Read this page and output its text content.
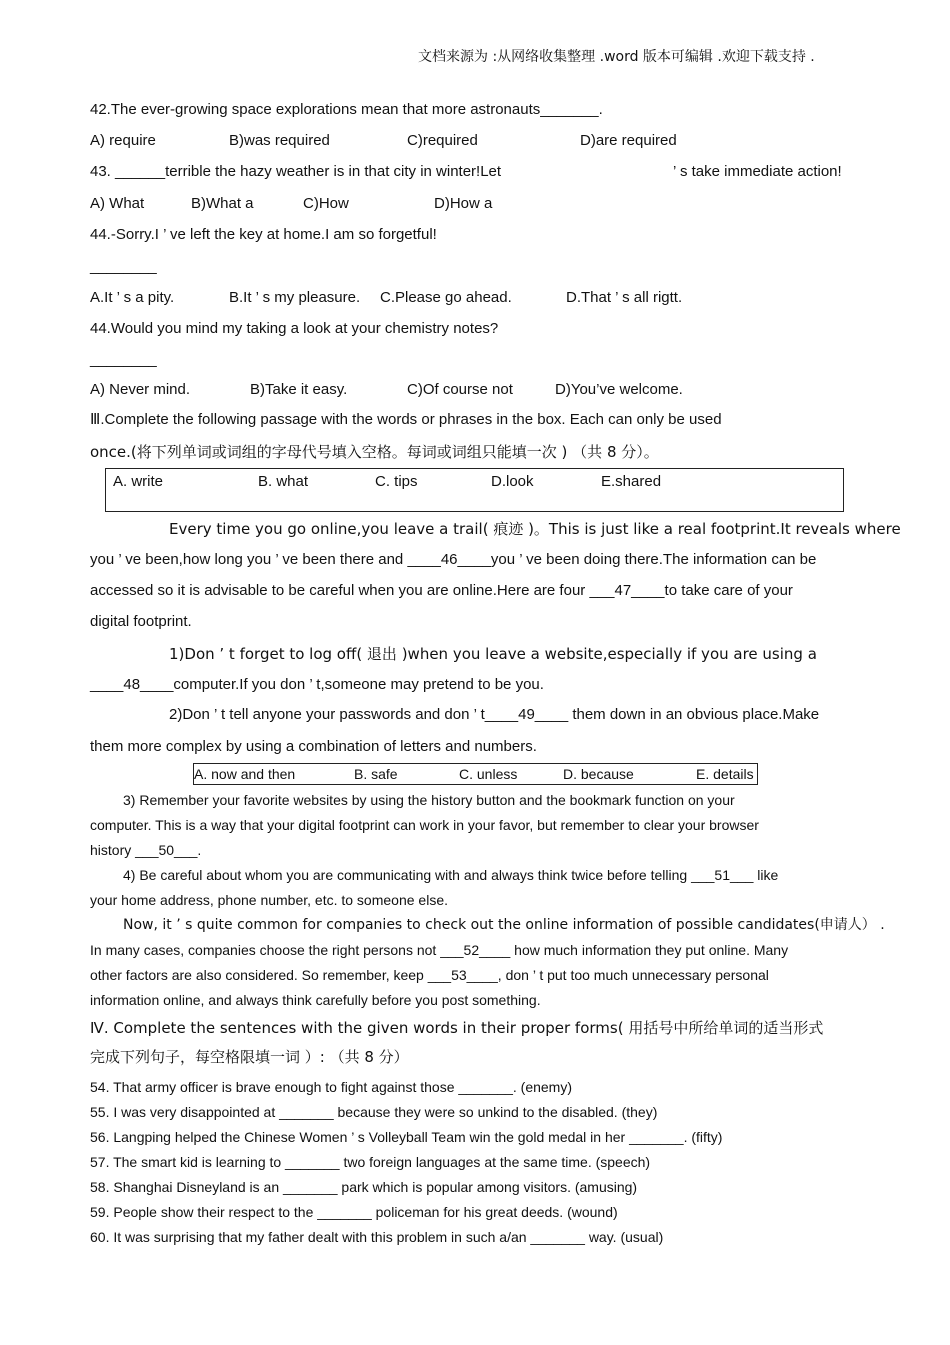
文档来源为 :从网络收集整理 .word 版本可编辑 .欢迎下载支持 .
42.The ever-growing space explorations mean that more astronauts_______.
A) require	B)was required	C)required	D)are required
43. ______terrible the hazy weather is in that city in winter!Let	’ s take immediate action!
A) What	B)What a	C)How	D)How a
44.-Sorry.I ’ ve left the key at home.I am so forgetful!
________
A.It ’ s a pity.	B.It ’ s my pleasure. C.Please go ahead.	D.That ’ s all rigtt.
44.Would you mind my taking a look at your chemistry notes?
________
A) Never mind.	B)Take it easy.	C)Of course not	D)You’ve welcome.
Ⅲ.Complete the following passage with the words or phrases in the box. Each can only be used
once.(将下列单词或词组的字母代号填入空格。每词或词组只能填一次 ) （共 8 分）。
A. write	B. what	C. tips	D.look	E.shared
Every time you go online,you leave a trail( 痕迹 )。This is just like a real footprint.It reveals where
you ’ ve been,how long you ’ ve been there and ____46____you ’ ve been doing there.The information can be
accessed so it is advisable to be careful when you are online.Here are four ___47____to take care of your
digital footprint.
1)Don ’ t forget to log off( 退出 )when you leave a website,especially if you are using a
____48____computer.If you don ’ t,someone may pretend to be you.
2)Don ’ t tell anyone your passwords and don ’ t____49____ them down in an obvious place.Make
them more complex by using a combination of letters and numbers.
A. now and then	B. safe	C. unless	D. because	E. details
3) Remember your favorite websites by using the history button and the bookmark function on your
computer. This is a way that your digital footprint can work in your favor, but remember to clear your browser
history ___50___.
4) Be careful about whom you are communicating with and always think twice before telling ___51___ like
your home address, phone number, etc. to someone else.
Now, it ’ s quite common for companies to check out the online information of possible candidates(申请人） .
In many cases, companies choose the right persons not ___52____ how much information they put online. Many
other factors are also considered. So remember, keep ___53____, don ’ t put too much unnecessary personal
information online, and always think carefully before you post something.
Ⅳ. Complete the sentences with the given words in their proper forms( 用括号中所给单词的适当形式
完成下列句子，每空格限填一词 ）: （共 8 分）
54. That army officer is brave enough to fight against those _______. (enemy)
55. I was very disappointed at _______ because they were so unkind to the disabled. (they)
56. Langping helped the Chinese Women ’ s Volleyball Team win the gold medal in her _______. (fifty)
57. The smart kid is learning to _______ two foreign languages at the same time. (speech)
58. Shanghai Disneyland is an _______ park which is popular among visitors. (amusing)
59. People show their respect to the _______ policeman for his great deeds. (wound)
60. It was surprising that my father dealt with this problem in such a/an _______ way. (usual)
